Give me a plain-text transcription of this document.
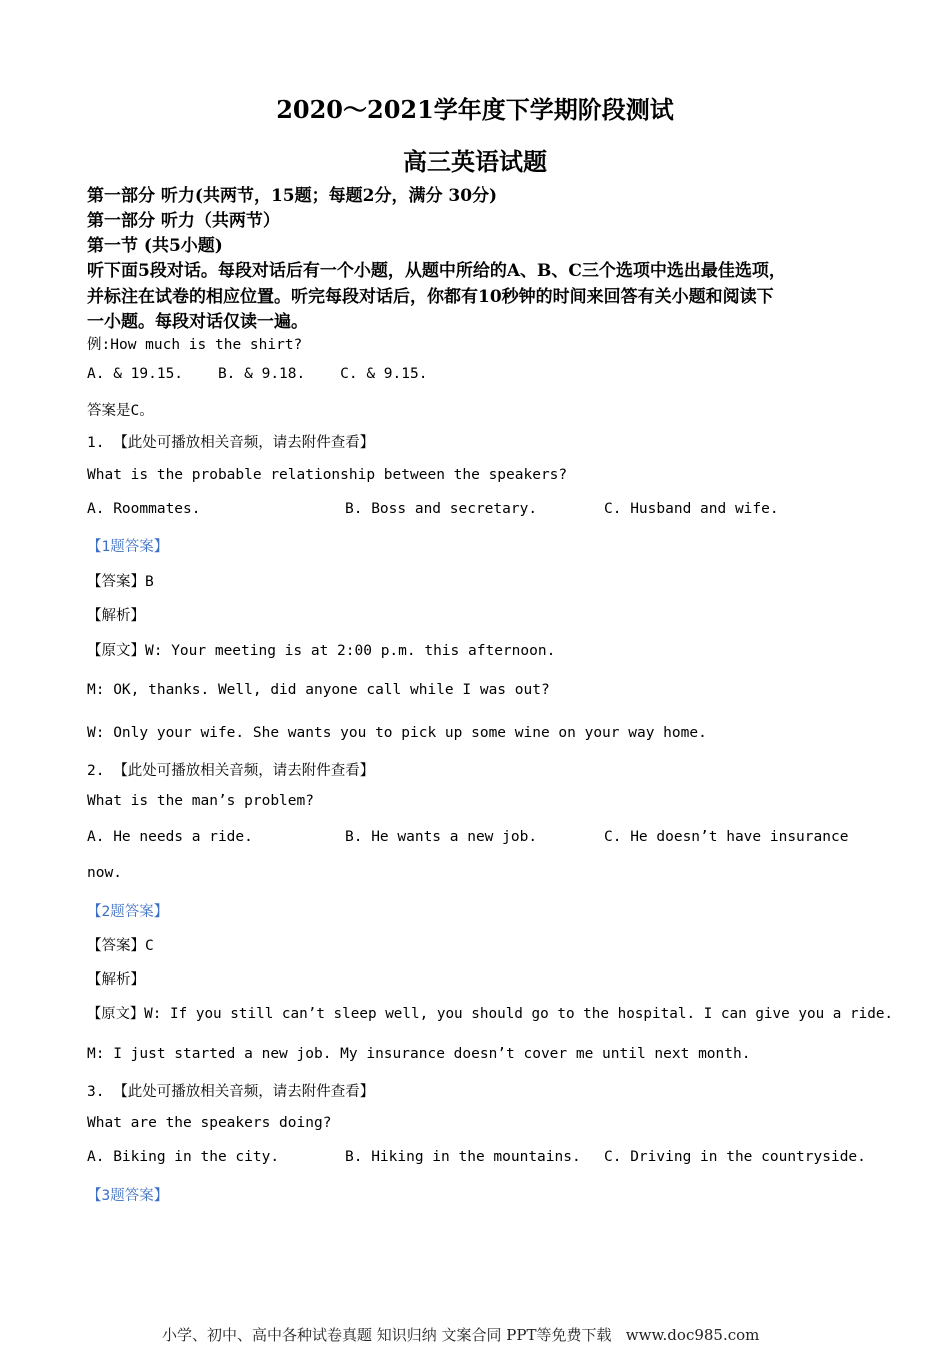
2020～2021学年度下学期阶段测试
高三英语试题
第一部分 听力(共两节，15题；每题2分，满分 30分)
第一部分 听力（共两节）
第一节 (共5小题)
听下面5段对话。每段对话后有一个小题，从题中所给的A、B、C三个选项中选出最佳选项，
并标注在试卷的相应位置。听完每段对话后，你都有10秒钟的时间来回答有关小题和阅读下
一小题。每段对话仅读一遍。
例:How much is the shirt?
A. & 19.15.    B. & 9.18.    C. & 9.15.
答案是C。
1. 【此处可播放相关音频，请去附件查看】
What is the probable relationship between the speakers?
A. Roommates.	B. Boss and secretary.	C. Husband and wife.
【1题答案】
【答案】B
【解析】
【原文】W: Your meeting is at 2:00 p.m. this afternoon.
M: OK, thanks. Well, did anyone call while I was out?
W: Only your wife. She wants you to pick up some wine on your way home.
2. 【此处可播放相关音频，请去附件查看】
What is the man’s problem?
A. He needs a ride.	B. He wants a new job.	C. He doesn’t have insurance
now.
【2题答案】
【答案】C
【解析】
【原文】W: If you still can’t sleep well, you should go to the hospital. I can give you a ride.
M: I just started a new job. My insurance doesn’t cover me until next month.
3. 【此处可播放相关音频，请去附件查看】
What are the speakers doing?
A. Biking in the city.	B. Hiking in the mountains. C. Driving in the countryside.
【3题答案】
小学、初中、高中各种试卷真题 知识归纳 文案合同 PPT等免费下载   www.doc985.com
